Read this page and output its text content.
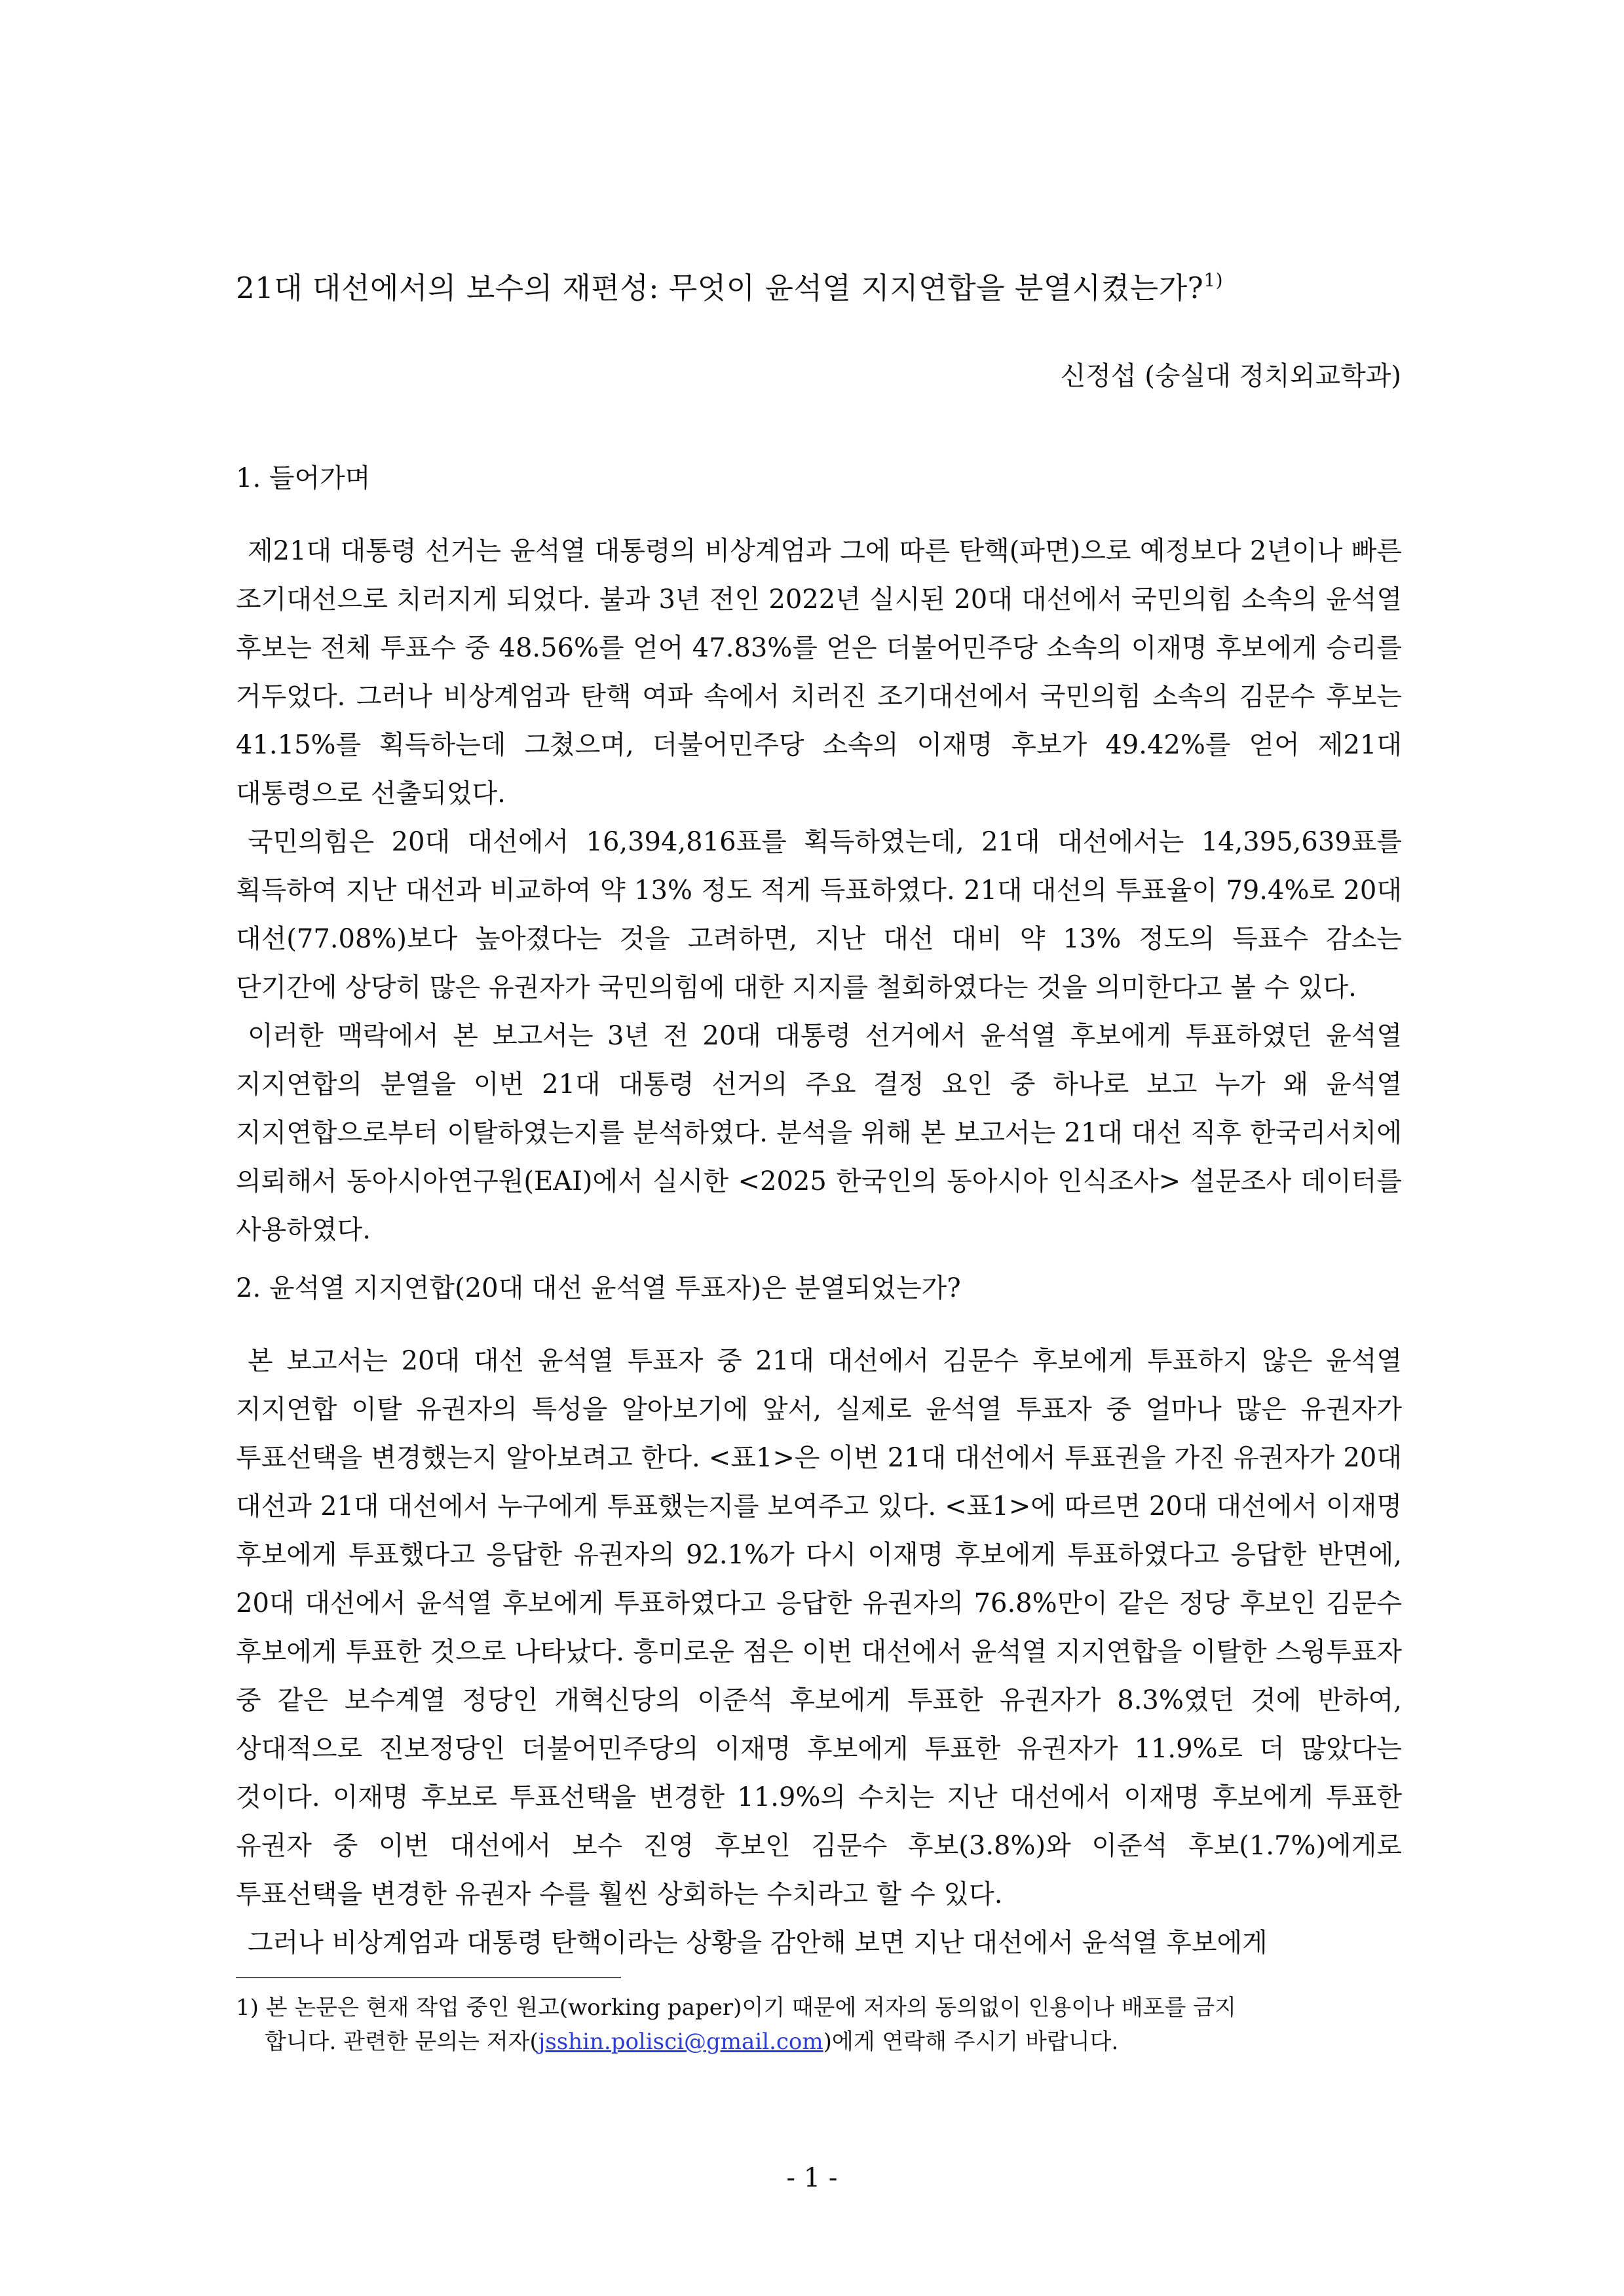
21대 대선에서의 보수의 재편성: 무엇이 윤석열 지지연합을 분열시켰는가?$^{1)}$
신정섭 (숭실대 정치외교학과)
1. 들어가며

제21대 대통령 선거는 윤석열 대통령의 비상계엄과 그에 따른 탄핵(파면)으로 예정보다 2년이나 빠른 조기대선으로 치러지게 되었다. 불과 3년 전인 2022년 실시된 20대 대선에서 국민의힘 소속의 윤석열 후보는 전체 투표수 중 48.56%를 얻어 47.83%를 얻은 더불어민주당 소속의 이재명 후보에게 승리를 거두었다. 그러나 비상계엄과 탄핵 여파 속에서 치러진 조기대선에서 국민의힘 소속의 김문수 후보는 41.15%를 획득하는데 그쳤으며, 더불어민주당 소속의 이재명 후보가 49.42%를 얻어 제21대 대통령으로 선출되었다.

국민의힘은 20대 대선에서 16,394,816표를 획득하였는데, 21대 대선에서는 14,395,639표를 획득하여 지난 대선과 비교하여 약 13% 정도 적게 득표하였다. 21대 대선의 투표율이 79.4%로 20대 대선(77.08%)보다 높아졌다는 것을 고려하면, 지난 대선 대비 약 13% 정도의 득표수 감소는 단기간에 상당히 많은 유권자가 국민의힘에 대한 지지를 철회하였다는 것을 의미한다고 볼 수 있다.

이러한 맥락에서 본 보고서는 3년 전 20대 대통령 선거에서 윤석열 후보에게 투표하였던 윤석열 지지연합의 분열을 이번 21대 대통령 선거의 주요 결정 요인 중 하나로 보고 누가 왜 윤석열 지지연합으로부터 이탈하였는지를 분석하였다. 분석을 위해 본 보고서는 21대 대선 직후 한국리서치에 의뢰해서 동아시아연구원(EAI)에서 실시한 <2025 한국인의 동아시아 인식조사> 설문조사 데이터를 사용하였다.

2. 윤석열 지지연합(20대 대선 윤석열 투표자)은 분열되었는가?

본 보고서는 20대 대선 윤석열 투표자 중 21대 대선에서 김문수 후보에게 투표하지 않은 윤석열 지지연합 이탈 유권자의 특성을 알아보기에 앞서, 실제로 윤석열 투표자 중 얼마나 많은 유권자가 투표선택을 변경했는지 알아보려고 한다. <표1>은 이번 21대 대선에서 투표권을 가진 유권자가 20대 대선과 21대 대선에서 누구에게 투표했는지를 보여주고 있다. <표1>에 따르면 20대 대선에서 이재명 후보에게 투표했다고 응답한 유권자의 92.1%가 다시 이재명 후보에게 투표하였다고 응답한 반면에, 20대 대선에서 윤석열 후보에게 투표하였다고 응답한 유권자의 76.8%만이 같은 정당 후보인 김문수 후보에게 투표한 것으로 나타났다. 흥미로운 점은 이번 대선에서 윤석열 지지연합을 이탈한 스윙투표자 중 같은 보수계열 정당인 개혁신당의 이준석 후보에게 투표한 유권자가 8.3%였던 것에 반하여, 상대적으로 진보정당인 더불어민주당의 이재명 후보에게 투표한 유권자가 11.9%로 더 많았다는 것이다. 이재명 후보로 투표선택을 변경한 11.9%의 수치는 지난 대선에서 이재명 후보에게 투표한 유권자 중 이번 대선에서 보수 진영 후보인 김문수 후보(3.8%)와 이준석 후보(1.7%)에게로 투표선택을 변경한 유권자 수를 훨씬 상회하는 수치라고 할 수 있다.

그러나 비상계엄과 대통령 탄핵이라는 상황을 감안해 보면 지난 대선에서 윤석열 후보에게

1) 본 논문은 현재 작업 중인 원고(working paper)이기 때문에 저자의 동의없이 인용이나 배포를 금지
합니다. 관련한 문의는 저자(jsshin.polisci@gmail.com)에게 연락해 주시기 바랍니다.
- 1 -
